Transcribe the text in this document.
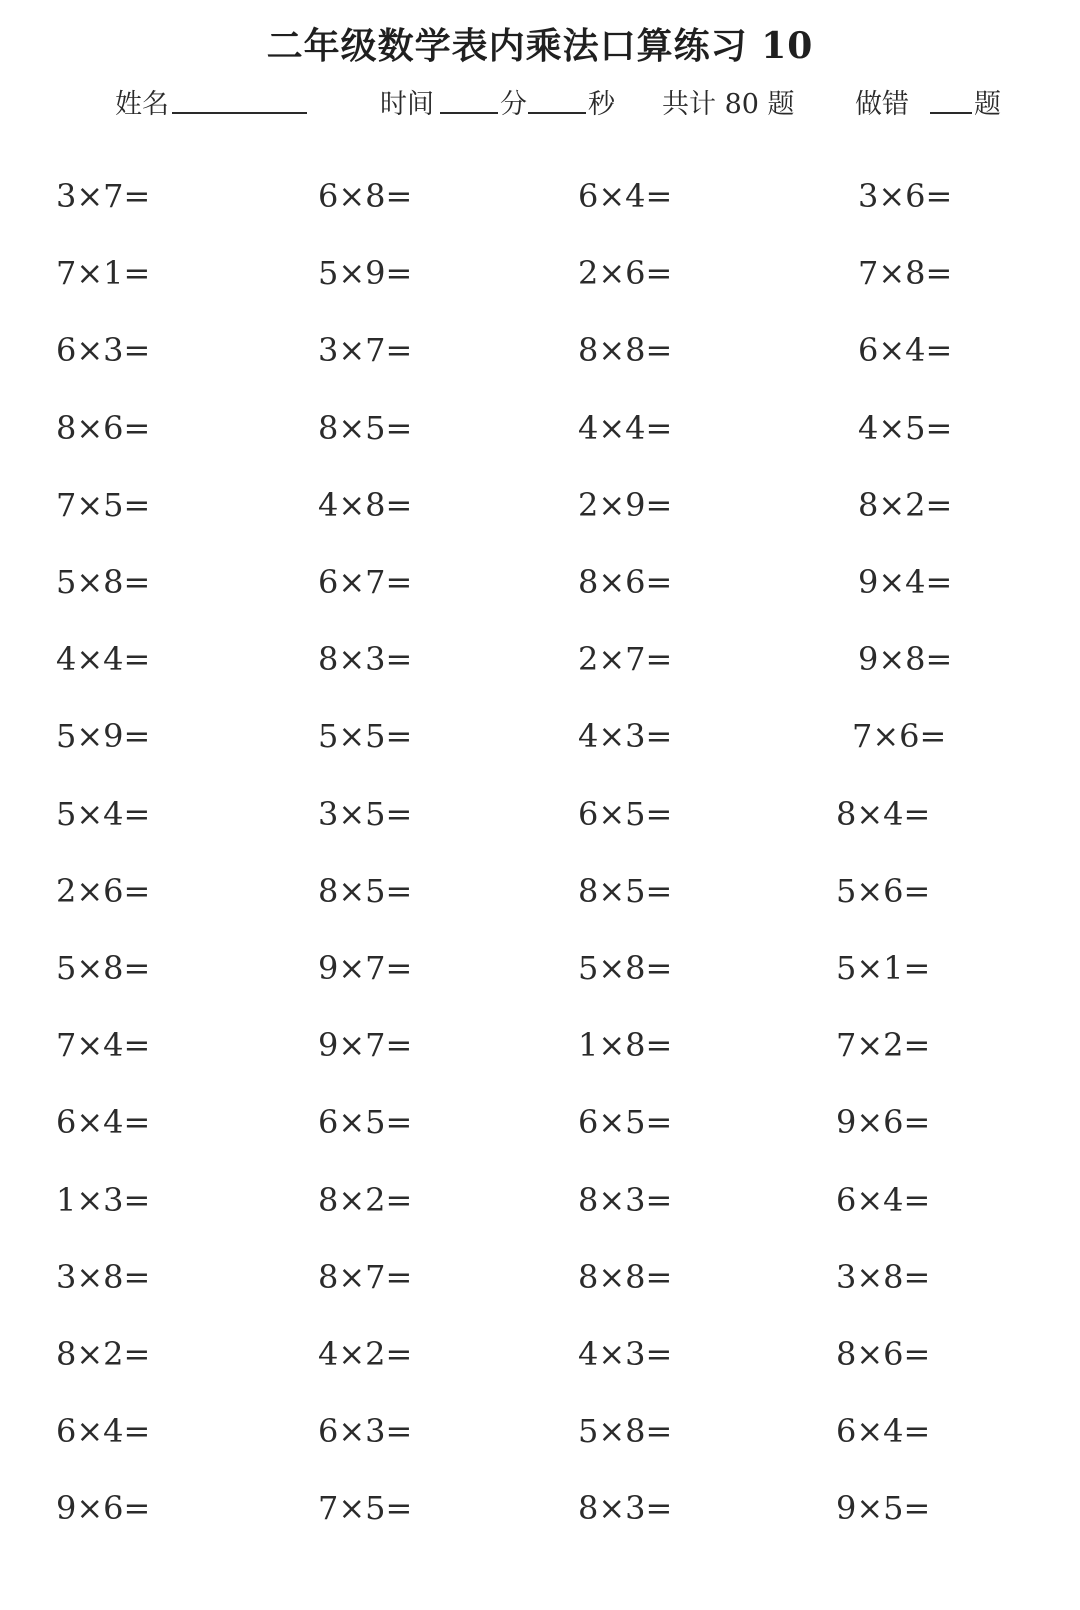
二年级数学表内乘法口算练习 10
姓名	时间 分 秒 共计 80 题 做错 题
3×7=	6×8=	6×4=	3×6=
7×1=	5×9=	2×6=	7×8=
6×3=	3×7=	8×8=	6×4=
8×6=	8×5=	4×4=	4×5=
7×5=	4×8=	2×9=	8×2=
5×8=	6×7=	8×6=	9×4=
4×4=	8×3=	2×7=	9×8=
5×9=	5×5=	4×3=	7×6=
5×4=	3×5=	6×5=	8×4=
2×6=	8×5=	8×5=	5×6=
5×8=	9×7=	5×8=	5×1=
7×4=	9×7=	1×8=	7×2=
6×4=	6×5=	6×5=	9×6=
1×3=	8×2=	8×3=	6×4=
3×8=	8×7=	8×8=	3×8=
8×2=	4×2=	4×3=	8×6=
6×4=	6×3=	5×8=	6×4=
9×6=	7×5=	8×3=	9×5=
